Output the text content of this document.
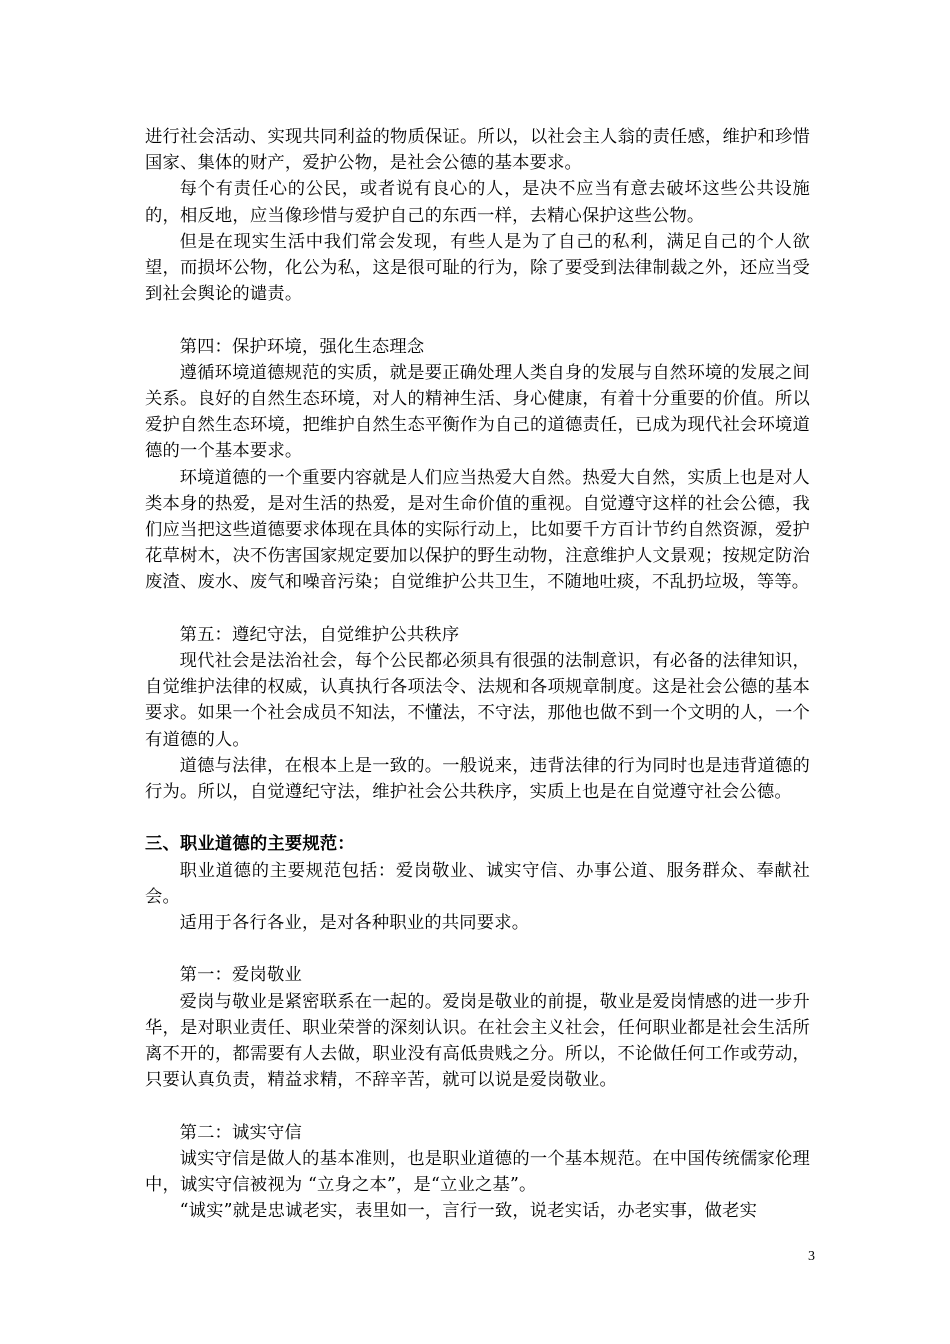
进行社会活动、实现共同利益的物质保证。所以，以社会主人翁的责任感，维护和珍惜国家、集体的财产，爱护公物，是社会公德的基本要求。

每个有责任心的公民，或者说有良心的人，是决不应当有意去破坏这些公共设施的，相反地，应当像珍惜与爱护自己的东西一样，去精心保护这些公物。

但是在现实生活中我们常会发现，有些人是为了自己的私利，满足自己的个人欲望，而损坏公物，化公为私，这是很可耻的行为，除了要受到法律制裁之外，还应当受到社会舆论的谴责。

第四：保护环境，强化生态理念

遵循环境道德规范的实质，就是要正确处理人类自身的发展与自然环境的发展之间关系。良好的自然生态环境，对人的精神生活、身心健康，有着十分重要的价值。所以爱护自然生态环境，把维护自然生态平衡作为自己的道德责任，已成为现代社会环境道德的一个基本要求。

环境道德的一个重要内容就是人们应当热爱大自然。热爱大自然，实质上也是对人类本身的热爱，是对生活的热爱，是对生命价值的重视。自觉遵守这样的社会公德，我们应当把这些道德要求体现在具体的实际行动上，比如要千方百计节约自然资源，爱护花草树木，决不伤害国家规定要加以保护的野生动物，注意维护人文景观；按规定防治废渣、废水、废气和噪音污染；自觉维护公共卫生，不随地吐痰，不乱扔垃圾，等等。

第五：遵纪守法，自觉维护公共秩序

现代社会是法治社会，每个公民都必须具有很强的法制意识，有必备的法律知识，自觉维护法律的权威，认真执行各项法令、法规和各项规章制度。这是社会公德的基本要求。如果一个社会成员不知法，不懂法，不守法，那他也做不到一个文明的人，一个有道德的人。

道德与法律，在根本上是一致的。一般说来，违背法律的行为同时也是违背道德的行为。所以，自觉遵纪守法，维护社会公共秩序，实质上也是在自觉遵守社会公德。

三、职业道德的主要规范：

职业道德的主要规范包括：爱岗敬业、诚实守信、办事公道、服务群众、奉献社会。

适用于各行各业，是对各种职业的共同要求。

第一：爱岗敬业

爱岗与敬业是紧密联系在一起的。爱岗是敬业的前提，敬业是爱岗情感的进一步升华，是对职业责任、职业荣誉的深刻认识。在社会主义社会，任何职业都是社会生活所离不开的，都需要有人去做，职业没有高低贵贱之分。所以，不论做任何工作或劳动，只要认真负责，精益求精，不辞辛苦，就可以说是爱岗敬业。

第二：诚实守信

诚实守信是做人的基本准则，也是职业道德的一个基本规范。在中国传统儒家伦理中，诚实守信被视为 “立身之本”，是“立业之基”。

“诚实”就是忠诚老实，表里如一，言行一致，说老实话，办老实事，做老实

3
